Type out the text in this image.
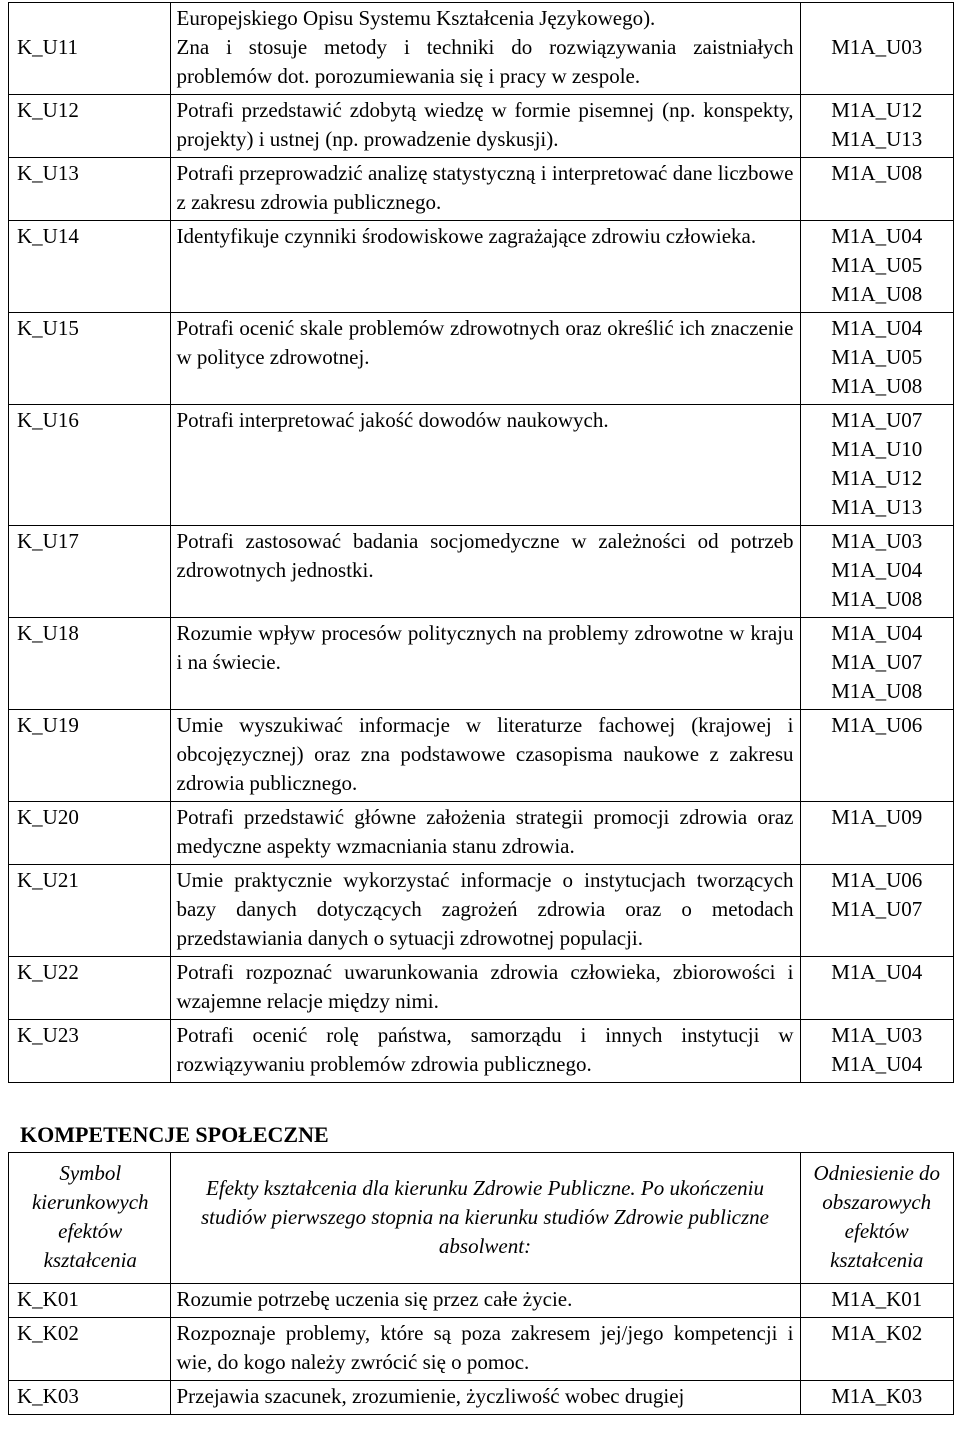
K_U11	Europejskiego Opisu Systemu Kształcenia Językowego).
Zna i stosuje metody i techniki do rozwiązywania zaistniałych problemów dot. porozumiewania się i pracy w zespole.	M1A_U03

K_U12	Potrafi przedstawić zdobytą wiedzę w formie pisemnej (np. konspekty, projekty) i ustnej (np. prowadzenie dyskusji).	M1A_U12
M1A_U13

K_U13	Potrafi przeprowadzić analizę statystyczną i interpretować dane liczbowe z zakresu zdrowia publicznego.	M1A_U08

K_U14	Identyfikuje czynniki środowiskowe zagrażające zdrowiu człowieka.	M1A_U04
M1A_U05
M1A_U08

K_U15	Potrafi ocenić skale problemów zdrowotnych oraz określić ich znaczenie w polityce zdrowotnej.	M1A_U04
M1A_U05
M1A_U08

K_U16	Potrafi interpretować jakość dowodów naukowych.	M1A_U07
M1A_U10
M1A_U12
M1A_U13

K_U17	Potrafi zastosować badania socjomedyczne w zależności od potrzeb zdrowotnych jednostki.	M1A_U03
M1A_U04
M1A_U08

K_U18	Rozumie wpływ procesów politycznych na problemy zdrowotne w kraju i na świecie.	M1A_U04
M1A_U07
M1A_U08

K_U19	Umie wyszukiwać informacje w literaturze fachowej (krajowej i obcojęzycznej) oraz zna podstawowe czasopisma naukowe z zakresu zdrowia publicznego.	M1A_U06

K_U20	Potrafi przedstawić główne założenia strategii promocji zdrowia oraz medyczne aspekty wzmacniania stanu zdrowia.	M1A_U09

K_U21	Umie praktycznie wykorzystać informacje o instytucjach tworzących bazy danych dotyczących zagrożeń zdrowia oraz o metodach przedstawiania danych o sytuacji zdrowotnej populacji.	M1A_U06
M1A_U07

K_U22	Potrafi rozpoznać uwarunkowania zdrowia człowieka, zbiorowości i wzajemne relacje między nimi.	M1A_U04

K_U23	Potrafi ocenić rolę państwa, samorządu i innych instytucji w rozwiązywaniu problemów zdrowia publicznego.	M1A_U03
M1A_U04
KOMPETENCJE SPOŁECZNE
Symbol kierunkowych efektów kształcenia	Efekty kształcenia dla kierunku Zdrowie Publiczne. Po ukończeniu studiów pierwszego stopnia na kierunku studiów Zdrowie publiczne absolwent:	Odniesienie do obszarowych efektów kształcenia
K_K01	Rozumie potrzebę uczenia się przez całe życie.	M1A_K01
K_K02	Rozpoznaje problemy, które są poza zakresem jej/jego kompetencji i wie, do kogo należy zwrócić się o pomoc.	M1A_K02
K_K03	Przejawia szacunek, zrozumienie, życzliwość wobec drugiej	M1A_K03
